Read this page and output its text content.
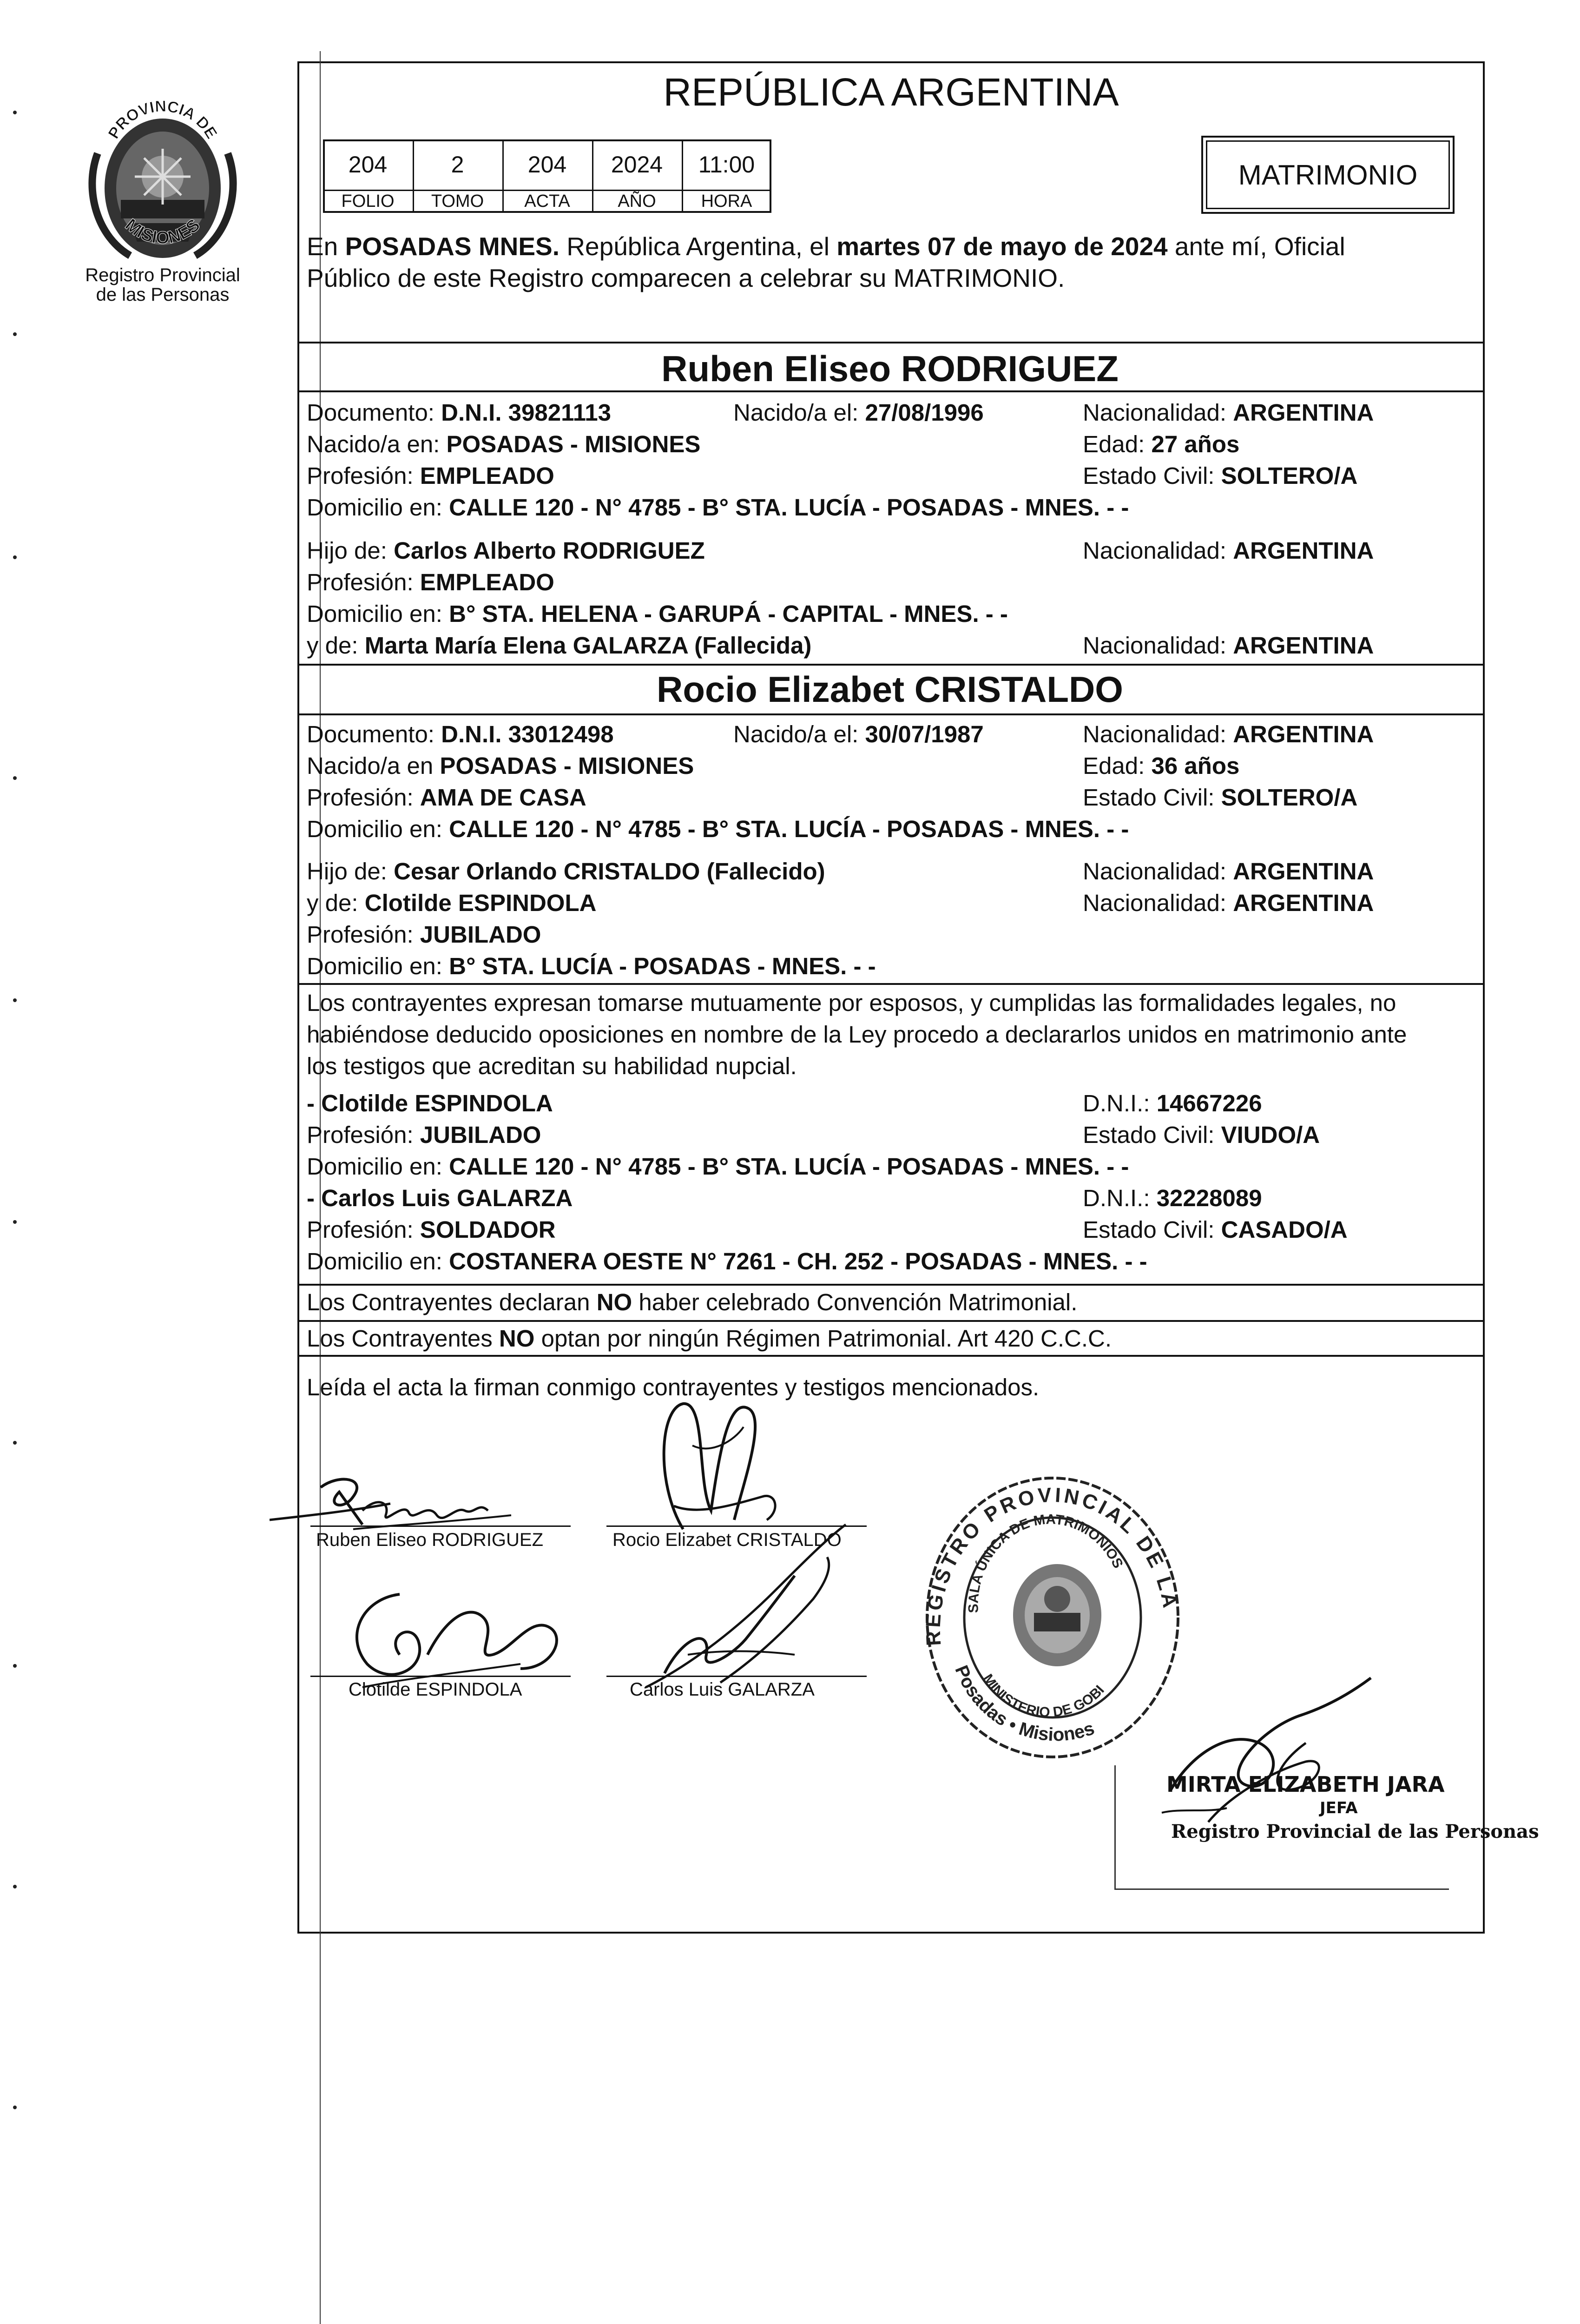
PROVINCIA DE
MISIONES
Registro Provincial
de las Personas
REPÚBLICA ARGENTINA
204	2	204	2024	11:00
FOLIO	TOMO	ACTA	AÑO	HORA
MATRIMONIO
En POSADAS MNES. República Argentina, el martes 07 de mayo de 2024 ante mí, Oficial
Público de este Registro comparecen a celebrar su MATRIMONIO.
Ruben Eliseo RODRIGUEZ
Documento: D.N.I. 39821113	Nacido/a el: 27/08/1996	Nacionalidad: ARGENTINA
Nacido/a en: POSADAS - MISIONES	Edad: 27 años
Profesión: EMPLEADO	Estado Civil: SOLTERO/A
Domicilio en: CALLE 120 - N° 4785 - B° STA. LUCÍA - POSADAS - MNES. - -
Hijo de: Carlos Alberto RODRIGUEZ	Nacionalidad: ARGENTINA
Profesión: EMPLEADO
Domicilio en: B° STA. HELENA - GARUPÁ - CAPITAL - MNES. - -
y de: Marta María Elena GALARZA (Fallecida)	Nacionalidad: ARGENTINA
Rocio Elizabet CRISTALDO
Documento: D.N.I. 33012498	Nacido/a el: 30/07/1987	Nacionalidad: ARGENTINA
Nacido/a en POSADAS - MISIONES	Edad: 36 años
Profesión: AMA DE CASA	Estado Civil: SOLTERO/A
Domicilio en: CALLE 120 - N° 4785 - B° STA. LUCÍA - POSADAS - MNES. - -
Hijo de: Cesar Orlando CRISTALDO (Fallecido)	Nacionalidad: ARGENTINA
y de: Clotilde ESPINDOLA	Nacionalidad: ARGENTINA
Profesión: JUBILADO
Domicilio en: B° STA. LUCÍA - POSADAS - MNES. - -
Los contrayentes expresan tomarse mutuamente por esposos, y cumplidas las formalidades legales, no
habiéndose deducido oposiciones en nombre de la Ley procedo a declararlos unidos en matrimonio ante
los testigos que acreditan su habilidad nupcial.
- Clotilde ESPINDOLA	D.N.I.: 14667226
Profesión: JUBILADO	Estado Civil: VIUDO/A
Domicilio en: CALLE 120 - N° 4785 - B° STA. LUCÍA - POSADAS - MNES. - -
- Carlos Luis GALARZA	D.N.I.: 32228089
Profesión: SOLDADOR	Estado Civil: CASADO/A
Domicilio en: COSTANERA OESTE N° 7261 - CH. 252 - POSADAS - MNES. - -
Los Contrayentes declaran NO haber celebrado Convención Matrimonial.
Los Contrayentes NO optan por ningún Régimen Patrimonial. Art 420 C.C.C.
Leída el acta la firman conmigo contrayentes y testigos mencionados.
Ruben Eliseo RODRIGUEZ	Rocio Elizabet CRISTALDO
Clotilde ESPINDOLA	Carlos Luis GALARZA
REGISTRO PROVINCIAL DE LA
SALA ÚNICA DE MATRIMONIOS
Posadas • Misiones
MINISTERIO DE GOBI
MIRTA ELIZABETH JARA
JEFA
Registro Provincial de las Personas
